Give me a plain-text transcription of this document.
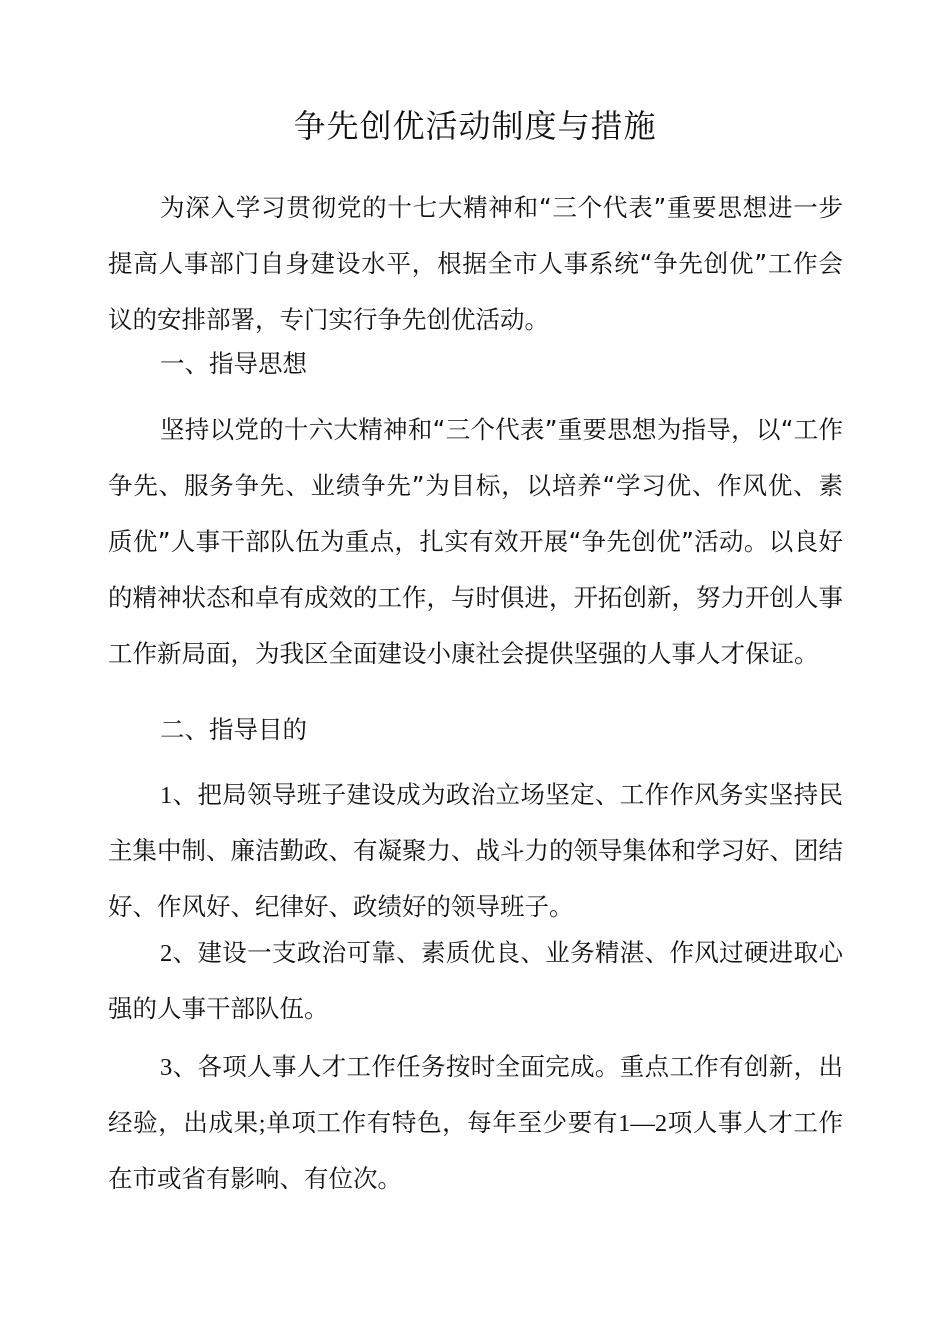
争先创优活动制度与措施

为深入学习贯彻党的十七大精神和“三个代表”重要思想进一步提高人事部门自身建设水平，根据全市人事系统“争先创优”工作会议的安排部署，专门实行争先创优活动。

一、指导思想

坚持以党的十六大精神和“三个代表”重要思想为指导，以“工作争先、服务争先、业绩争先”为目标，以培养“学习优、作风优、素质优”人事干部队伍为重点，扎实有效开展“争先创优”活动。以良好的精神状态和卓有成效的工作，与时俱进，开拓创新，努力开创人事工作新局面，为我区全面建设小康社会提供坚强的人事人才保证。

二、指导目的

1、把局领导班子建设成为政治立场坚定、工作作风务实坚持民主集中制、廉洁勤政、有凝聚力、战斗力的领导集体和学习好、团结好、作风好、纪律好、政绩好的领导班子。

2、建设一支政治可靠、素质优良、业务精湛、作风过硬进取心强的人事干部队伍。

3、各项人事人才工作任务按时全面完成。重点工作有创新，出经验，出成果;单项工作有特色，每年至少要有1—2项人事人才工作在市或省有影响、有位次。
